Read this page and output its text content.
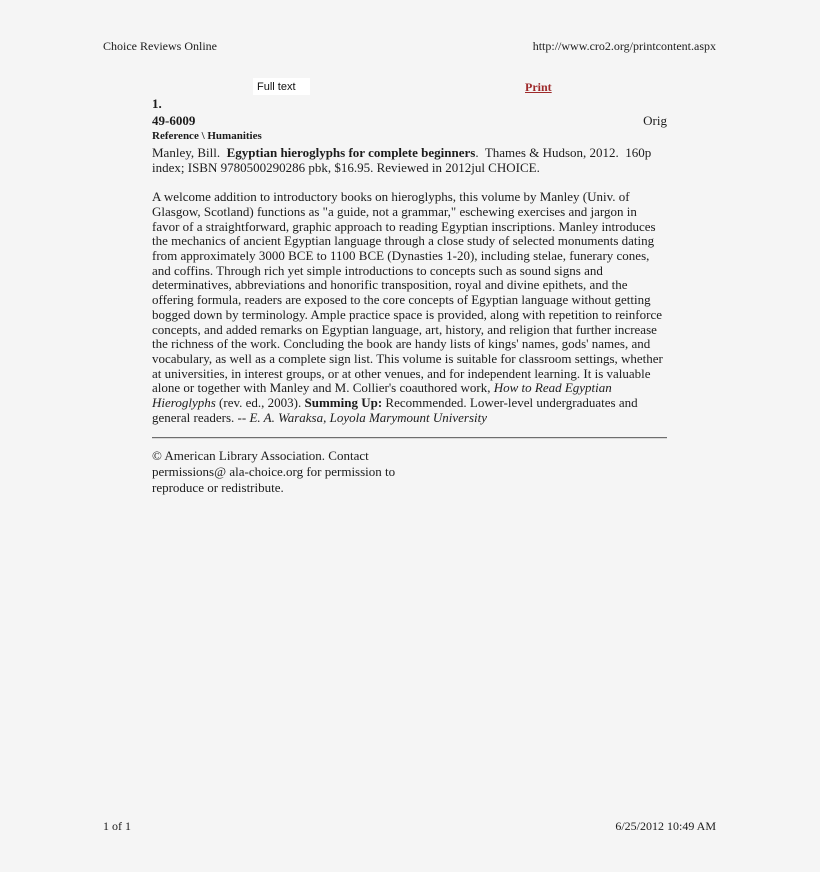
Choice Reviews Online	http://www.cro2.org/printcontent.aspx
Full text	Print
1.
49-6009	Orig
Reference \ Humanities

Manley, Bill.  Egyptian hieroglyphs for complete beginners.  Thames & Hudson, 2012.  160p index; ISBN 9780500290286 pbk, $16.95. Reviewed in 2012jul CHOICE.

A welcome addition to introductory books on hieroglyphs, this volume by Manley (Univ. of Glasgow, Scotland) functions as "a guide, not a grammar," eschewing exercises and jargon in favor of a straightforward, graphic approach to reading Egyptian inscriptions. Manley introduces the mechanics of ancient Egyptian language through a close study of selected monuments dating from approximately 3000 BCE to 1100 BCE (Dynasties 1-20), including stelae, funerary cones, and coffins. Through rich yet simple introductions to concepts such as sound signs and determinatives, abbreviations and honorific transposition, royal and divine epithets, and the offering formula, readers are exposed to the core concepts of Egyptian language without getting bogged down by terminology. Ample practice space is provided, along with repetition to reinforce concepts, and added remarks on Egyptian language, art, history, and religion that further increase the richness of the work. Concluding the book are handy lists of kings' names, gods' names, and vocabulary, as well as a complete sign list. This volume is suitable for classroom settings, whether at universities, in interest groups, or at other venues, and for independent learning. It is valuable alone or together with Manley and M. Collier's coauthored work, How to Read Egyptian Hieroglyphs (rev. ed., 2003). Summing Up: Recommended. Lower-level undergraduates and general readers. -- E. A. Waraksa, Loyola Marymount University

© American Library Association. Contact
permissions@ ala-choice.org for permission to
reproduce or redistribute.
1 of 1	6/25/2012 10:49 AM
